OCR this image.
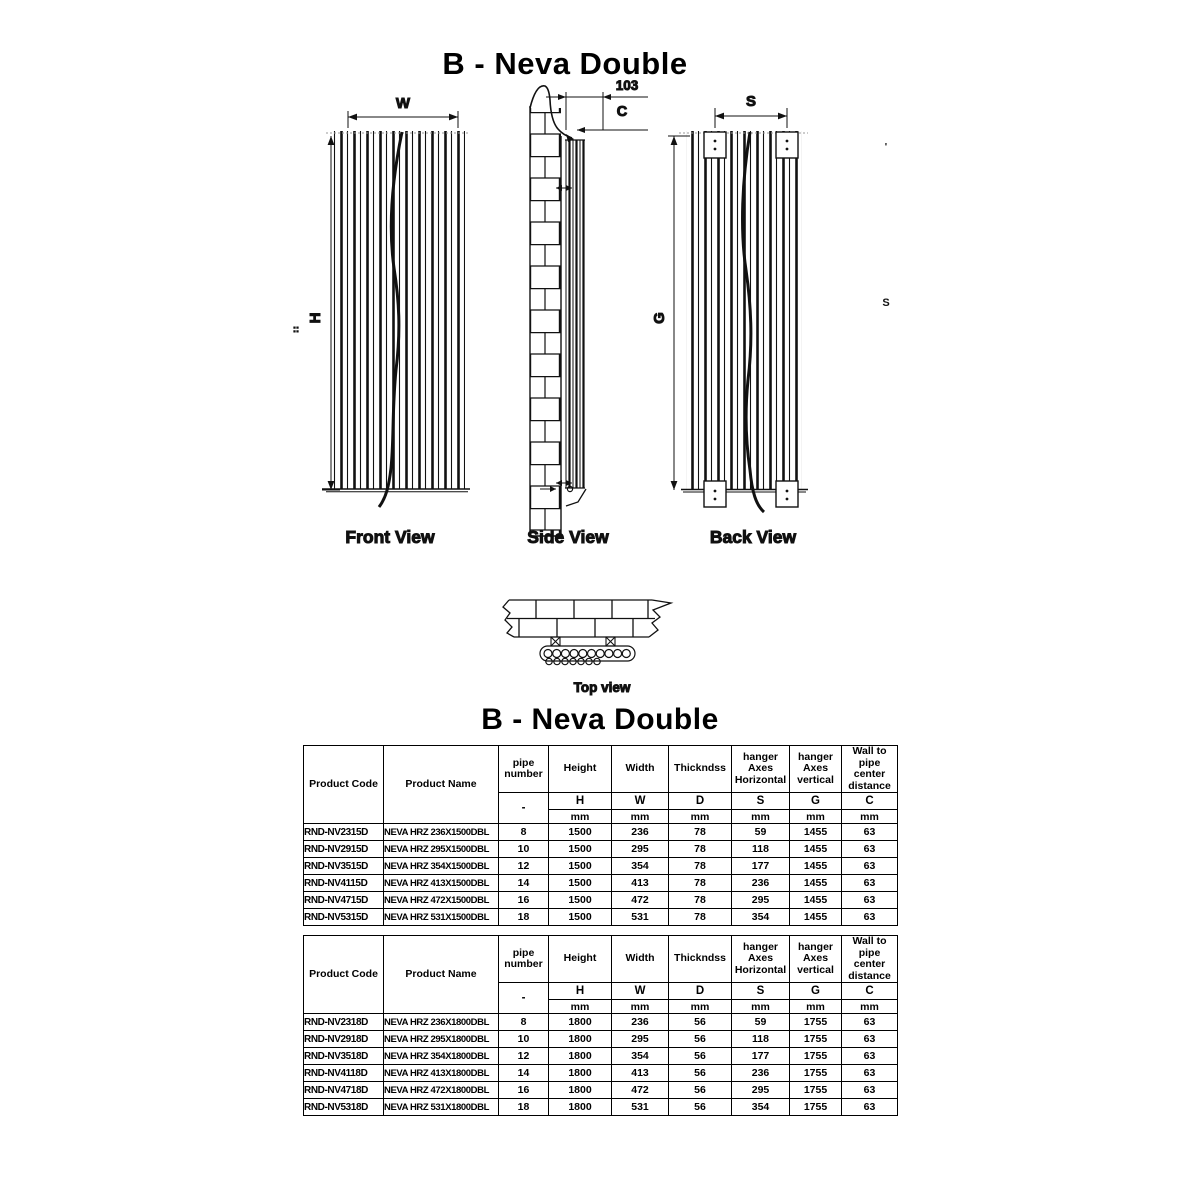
B - Neva Double
W
H
::
Front View
103
C
Side View
S
G
Back View
'
S
Top view
B - Neva Double
Product Code	Product Name	pipe number	Height	Width	Thickndss	hanger Axes Horizontal	hanger Axes vertical	Wall to pipe center distance
		-	H	W	D	S	G	C
			mm	mm	mm	mm	mm	mm
RND-NV2315D	NEVA HRZ 236X1500DBL	8	1500	236	78	59	1455	63
RND-NV2915D	NEVA HRZ 295X1500DBL	10	1500	295	78	118	1455	63
RND-NV3515D	NEVA HRZ 354X1500DBL	12	1500	354	78	177	1455	63
RND-NV4115D	NEVA HRZ 413X1500DBL	14	1500	413	78	236	1455	63
RND-NV4715D	NEVA HRZ 472X1500DBL	16	1500	472	78	295	1455	63
RND-NV5315D	NEVA HRZ 531X1500DBL	18	1500	531	78	354	1455	63
Product Code	Product Name	pipe number	Height	Width	Thickndss	hanger Axes Horizontal	hanger Axes vertical	Wall to pipe center distance
		-	H	W	D	S	G	C
			mm	mm	mm	mm	mm	mm
RND-NV2318D	NEVA HRZ 236X1800DBL	8	1800	236	56	59	1755	63
RND-NV2918D	NEVA HRZ 295X1800DBL	10	1800	295	56	118	1755	63
RND-NV3518D	NEVA HRZ 354X1800DBL	12	1800	354	56	177	1755	63
RND-NV4118D	NEVA HRZ 413X1800DBL	14	1800	413	56	236	1755	63
RND-NV4718D	NEVA HRZ 472X1800DBL	16	1800	472	56	295	1755	63
RND-NV5318D	NEVA HRZ 531X1800DBL	18	1800	531	56	354	1755	63
